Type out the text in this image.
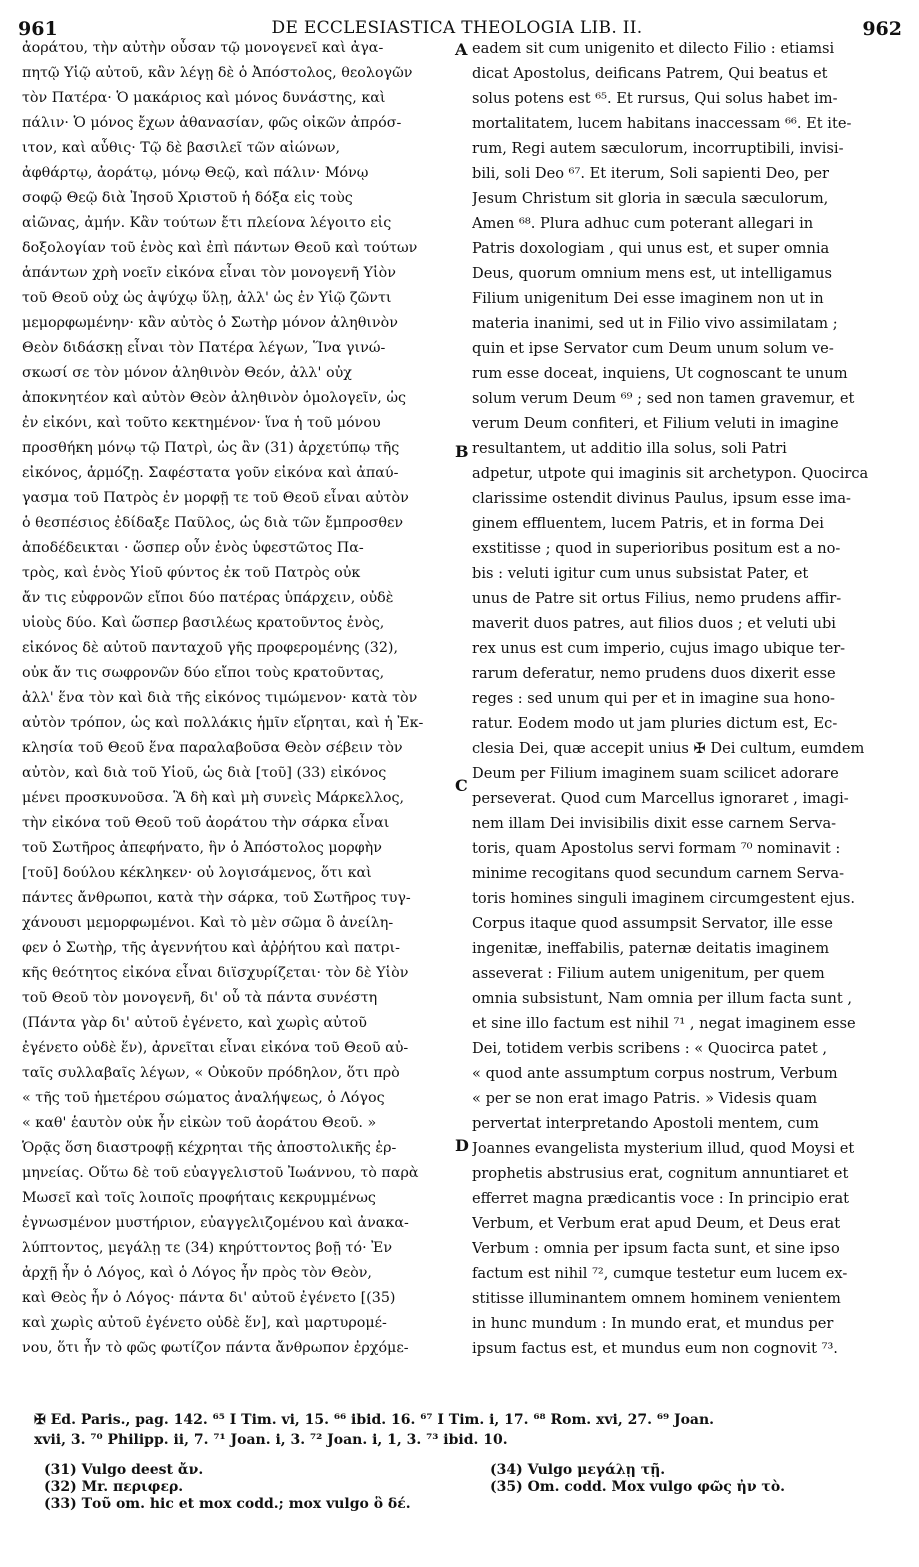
961	DE ECCLESIASTICA THEOLOGIA LIB. II.	962
ἀοράτου, τὴν αὐτὴν οὖσαν τῷ μονογενεῖ καὶ ἀγα-
πητῷ Υἱῷ αὐτοῦ, κἂν λέγῃ δὲ ὁ Ἀπόστολος, θεολογῶν
τὸν Πατέρα· Ὁ μακάριος καὶ μόνος δυνάστης, καὶ
πάλιν· Ὁ μόνος ἔχων ἀθανασίαν, φῶς οἰκῶν ἀπρόσ-
ιτον, καὶ αὖθις· Τῷ δὲ βασιλεῖ τῶν αἰώνων,
ἀφθάρτῳ, ἀοράτῳ, μόνῳ Θεῷ, καὶ πάλιν· Μόνῳ
σοφῷ Θεῷ διὰ Ἰησοῦ Χριστοῦ ἡ δόξα εἰς τοὺς
αἰῶνας, ἀμήν. Κἂν τούτων ἔτι πλείονα λέγοιτο εἰς
δοξολογίαν τοῦ ἑνὸς καὶ ἐπὶ πάντων Θεοῦ καὶ τούτων
ἁπάντων χρὴ νοεῖν εἰκόνα εἶναι τὸν μονογενῆ Υἱὸν
τοῦ Θεοῦ οὐχ ὡς ἀψύχῳ ὕλῃ, ἀλλ' ὡς ἐν Υἱῷ ζῶντι
μεμορφωμένην· κἂν αὐτὸς ὁ Σωτὴρ μόνον ἀληθινὸν
Θεὸν διδάσκῃ εἶναι τὸν Πατέρα λέγων, Ἵνα γινώ-
σκωσί σε τὸν μόνον ἀληθινὸν Θεόν, ἀλλ' οὐχ
ἀποκνητέον καὶ αὐτὸν Θεὸν ἀληθινὸν ὁμολογεῖν, ὡς
ἐν εἰκόνι, καὶ τοῦτο κεκτημένον· ἵνα ἡ τοῦ μόνου
προσθήκη μόνῳ τῷ Πατρὶ, ὡς ἂν (31) ἀρχετύπῳ τῆς
εἰκόνος, ἁρμόζῃ. Σαφέστατα γοῦν εἰκόνα καὶ ἀπαύ-
γασμα τοῦ Πατρὸς ἐν μορφῇ τε τοῦ Θεοῦ εἶναι αὐτὸν
ὁ θεσπέσιος ἐδίδαξε Παῦλος, ὡς διὰ τῶν ἔμπροσθεν
ἀποδέδεικται · ὥσπερ οὖν ἑνὸς ὑφεστῶτος Πα-
τρὸς, καὶ ἑνὸς Υἱοῦ φύντος ἐκ τοῦ Πατρὸς οὐκ
ἄν τις εὐφρονῶν εἴποι δύο πατέρας ὑπάρχειν, οὐδὲ
υἱοὺς δύο. Καὶ ὥσπερ βασιλέως κρατοῦντος ἑνὸς,
εἰκόνος δὲ αὐτοῦ πανταχοῦ γῆς προφερομένης (32),
οὐκ ἄν τις σωφρονῶν δύο εἴποι τοὺς κρατοῦντας,
ἀλλ' ἕνα τὸν καὶ διὰ τῆς εἰκόνος τιμώμενον· κατὰ τὸν
αὐτὸν τρόπον, ὡς καὶ πολλάκις ἡμῖν εἴρηται, καὶ ἡ Ἐκ-
κλησία τοῦ Θεοῦ ἕνα παραλαβοῦσα Θεὸν σέβειν τὸν
αὐτὸν, καὶ διὰ τοῦ Υἱοῦ, ὡς διὰ [τοῦ] (33) εἰκόνος
μένει προσκυνοῦσα. Ἃ δὴ καὶ μὴ συνεὶς Μάρκελλος,
τὴν εἰκόνα τοῦ Θεοῦ τοῦ ἀοράτου τὴν σάρκα εἶναι
τοῦ Σωτῆρος ἀπεφήνατο, ἣν ὁ Ἀπόστολος μορφὴν
[τοῦ] δούλου κέκληκεν· οὐ λογισάμενος, ὅτι καὶ
πάντες ἄνθρωποι, κατὰ τὴν σάρκα, τοῦ Σωτῆρος τυγ-
χάνουσι μεμορφωμένοι. Καὶ τὸ μὲν σῶμα ὃ ἀνείλη-
φεν ὁ Σωτὴρ, τῆς ἀγεννήτου καὶ ἀῤῥήτου καὶ πατρι-
κῆς θεότητος εἰκόνα εἶναι διϊσχυρίζεται· τὸν δὲ Υἱὸν
τοῦ Θεοῦ τὸν μονογενῆ, δι' οὗ τὰ πάντα συνέστη
(Πάντα γὰρ δι' αὐτοῦ ἐγένετο, καὶ χωρὶς αὐτοῦ
ἐγένετο οὐδὲ ἕν), ἀρνεῖται εἶναι εἰκόνα τοῦ Θεοῦ αὐ-
ταῖς συλλαβαῖς λέγων, « Οὐκοῦν πρόδηλον, ὅτι πρὸ
« τῆς τοῦ ἡμετέρου σώματος ἀναλήψεως, ὁ Λόγος
« καθ' ἑαυτὸν οὐκ ἦν εἰκὼν τοῦ ἀοράτου Θεοῦ. »
Ὁρᾷς ὅση διαστροφῇ κέχρηται τῆς ἀποστολικῆς ἑρ-
μηνείας. Οὕτω δὲ τοῦ εὐαγγελιστοῦ Ἰωάννου, τὸ παρὰ
Μωσεῖ καὶ τοῖς λοιποῖς προφήταις κεκρυμμένως
ἐγνωσμένον μυστήριον, εὐαγγελιζομένου καὶ ἀνακα-
λύπτοντος, μεγάλῃ τε (34) κηρύττοντος βοῇ τό· Ἐν
ἀρχῇ ἦν ὁ Λόγος, καὶ ὁ Λόγος ἦν πρὸς τὸν Θεὸν,
καὶ Θεὸς ἦν ὁ Λόγος· πάντα δι' αὐτοῦ ἐγένετο [(35)
καὶ χωρὶς αὐτοῦ ἐγένετο οὐδὲ ἕν], καὶ μαρτυρομέ-
νου, ὅτι ἦν τὸ φῶς φωτίζον πάντα ἄνθρωπον ἐρχόμε-
eadem sit cum unigenito et dilecto Filio : etiamsi
dicat Apostolus, deificans Patrem, Qui beatus et
solus potens est ⁶⁵. Et rursus, Qui solus habet im-
mortalitatem, lucem habitans inaccessam ⁶⁶. Et ite-
rum, Regi autem sæculorum, incorruptibili, invisi-
bili, soli Deo ⁶⁷. Et iterum, Soli sapienti Deo, per
Jesum Christum sit gloria in sæcula sæculorum,
Amen ⁶⁸. Plura adhuc cum poterant allegari in
Patris doxologiam , qui unus est, et super omnia
Deus, quorum omnium mens est, ut intelligamus
Filium unigenitum Dei esse imaginem non ut in
materia inanimi, sed ut in Filio vivo assimilatam ;
quin et ipse Servator cum Deum unum solum ve-
rum esse doceat, inquiens, Ut cognoscant te unum
solum verum Deum ⁶⁹ ; sed non tamen gravemur, et
verum Deum confiteri, et Filium veluti in imagine
resultantem, ut additio illa solus, soli Patri
adpetur, utpote qui imaginis sit archetypon. Quocirca
clarissime ostendit divinus Paulus, ipsum esse ima-
ginem effluentem, lucem Patris, et in forma Dei
exstitisse ; quod in superioribus positum est a no-
bis : veluti igitur cum unus subsistat Pater, et
unus de Patre sit ortus Filius, nemo prudens affir-
maverit duos patres, aut filios duos ; et veluti ubi
rex unus est cum imperio, cujus imago ubique ter-
rarum deferatur, nemo prudens duos dixerit esse
reges : sed unum qui per et in imagine sua hono-
ratur. Eodem modo ut jam pluries dictum est, Ec-
clesia Dei, quæ accepit unius ✠ Dei cultum, eumdem
Deum per Filium imaginem suam scilicet adorare
perseverat. Quod cum Marcellus ignoraret , imagi-
nem illam Dei invisibilis dixit esse carnem Serva-
toris, quam Apostolus servi formam ⁷⁰ nominavit :
minime recogitans quod secundum carnem Serva-
toris homines singuli imaginem circumgestent ejus.
Corpus itaque quod assumpsit Servator, ille esse
ingenitæ, ineffabilis, paternæ deitatis imaginem
asseverat : Filium autem unigenitum, per quem
omnia subsistunt, Nam omnia per illum facta sunt ,
et sine illo factum est nihil ⁷¹ , negat imaginem esse
Dei, totidem verbis scribens : « Quocirca patet ,
« quod ante assumptum corpus nostrum, Verbum
« per se non erat imago Patris. » Videsis quam
pervertat interpretando Apostoli mentem, cum
Joannes evangelista mysterium illud, quod Moysi et
prophetis abstrusius erat, cognitum annuntiaret et
efferret magna prædicantis voce : In principio erat
Verbum, et Verbum erat apud Deum, et Deus erat
Verbum : omnia per ipsum facta sunt, et sine ipso
factum est nihil ⁷², cumque testetur eum lucem ex-
stitisse illuminantem omnem hominem venientem
in hunc mundum : In mundo erat, et mundus per
ipsum factus est, et mundus eum non cognovit ⁷³.
A
B
C
D
✠ Ed. Paris., pag. 142. ⁶⁵ I Tim. vi, 15. ⁶⁶ ibid. 16. ⁶⁷ I Tim. i, 17. ⁶⁸ Rom. xvi, 27. ⁶⁹ Joan.
xvii, 3. ⁷⁰ Philipp. ii, 7. ⁷¹ Joan. i, 3. ⁷² Joan. i, 1, 3. ⁷³ ibid. 10.
(31) Vulgo deest ἄν.
(32) Mr. περιφερ.
(33) Τοῦ om. hic et mox codd.; mox vulgo ὃ δέ.
(34) Vulgo μεγάλῃ τῇ.
(35) Om. codd. Mox vulgo φῶς ἦν τὸ.
